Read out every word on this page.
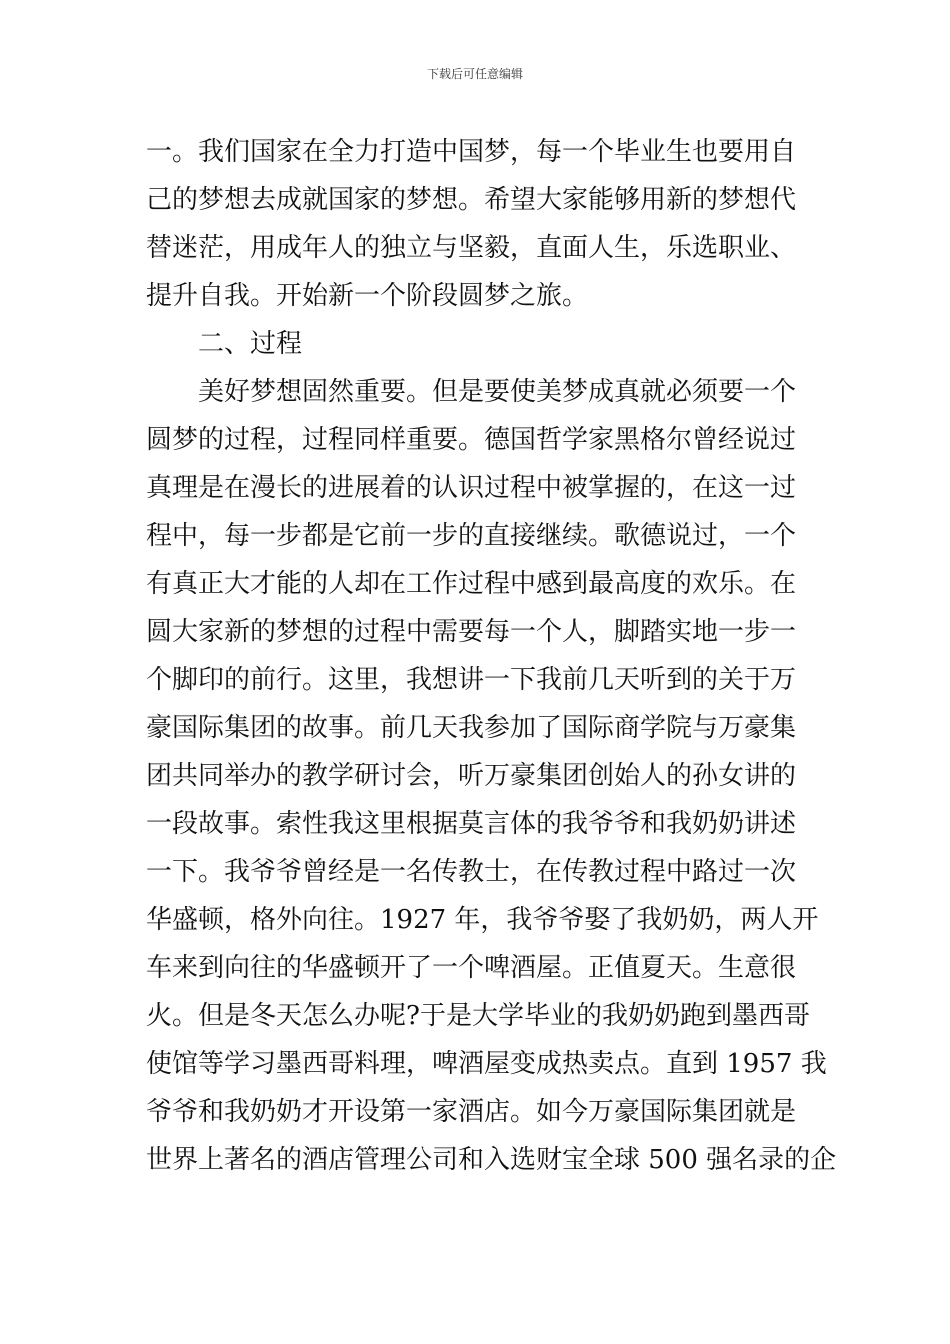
下载后可任意编辑
一。我们国家在全力打造中国梦，每一个毕业生也要用自
己的梦想去成就国家的梦想。希望大家能够用新的梦想代
替迷茫，用成年人的独立与坚毅，直面人生，乐选职业、
提升自我。开始新一个阶段圆梦之旅。
　　二、过程
　　美好梦想固然重要。但是要使美梦成真就必须要一个
圆梦的过程，过程同样重要。德国哲学家黑格尔曾经说过
真理是在漫长的进展着的认识过程中被掌握的，在这一过
程中，每一步都是它前一步的直接继续。歌德说过，一个
有真正大才能的人却在工作过程中感到最高度的欢乐。在
圆大家新的梦想的过程中需要每一个人，脚踏实地一步一
个脚印的前行。这里，我想讲一下我前几天听到的关于万
豪国际集团的故事。前几天我参加了国际商学院与万豪集
团共同举办的教学研讨会，听万豪集团创始人的孙女讲的
一段故事。索性我这里根据莫言体的我爷爷和我奶奶讲述
一下。我爷爷曾经是一名传教士，在传教过程中路过一次
华盛顿，格外向往。1927 年，我爷爷娶了我奶奶，两人开
车来到向往的华盛顿开了一个啤酒屋。正值夏天。生意很
火。但是冬天怎么办呢?于是大学毕业的我奶奶跑到墨西哥
使馆等学习墨西哥料理，啤酒屋变成热卖点。直到 1957 我
爷爷和我奶奶才开设第一家酒店。如今万豪国际集团就是
世界上著名的酒店管理公司和入选财宝全球 500 强名录的企
